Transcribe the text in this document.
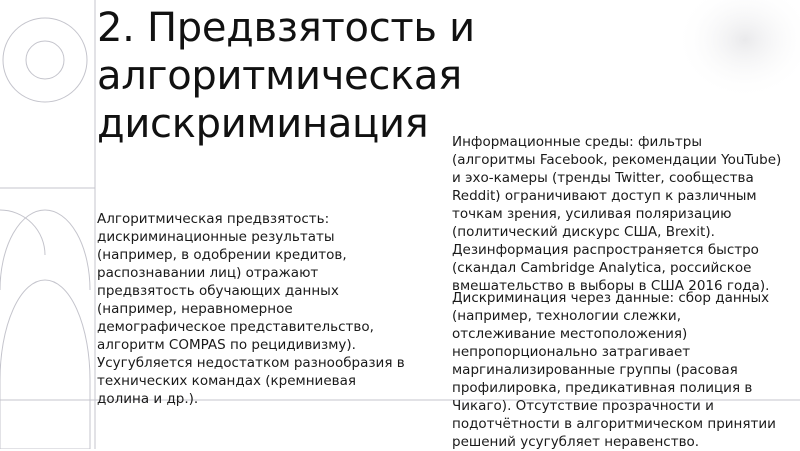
2. Предвзятость и алгоритмическая дискриминация

Алгоритмическая предвзятость: дискриминационные результаты (например, в одобрении кредитов, распознавании лиц) отражают предвзятость обучающих данных (например, неравномерное демографическое представительство, алгоритм COMPAS по рецидивизму). Усугубляется недостатком разнообразия в технических командах (кремниевая долина и др.).

Информационные среды: фильтры (алгоритмы Facebook, рекомендации YouTube) и эхо-камеры (тренды Twitter, сообщества Reddit) ограничивают доступ к различным точкам зрения, усиливая поляризацию (политический дискурс США, Brexit). Дезинформация распространяется быстро (скандал Cambridge Analytica, российское вмешательство в выборы в США 2016 года).

Дискриминация через данные: сбор данных (например, технологии слежки, отслеживание местоположения) непропорционально затрагивает маргинализированные группы (расовая профилировка, предикативная полиция в Чикаго). Отсутствие прозрачности и подотчётности в алгоритмическом принятии решений усугубляет неравенство.
